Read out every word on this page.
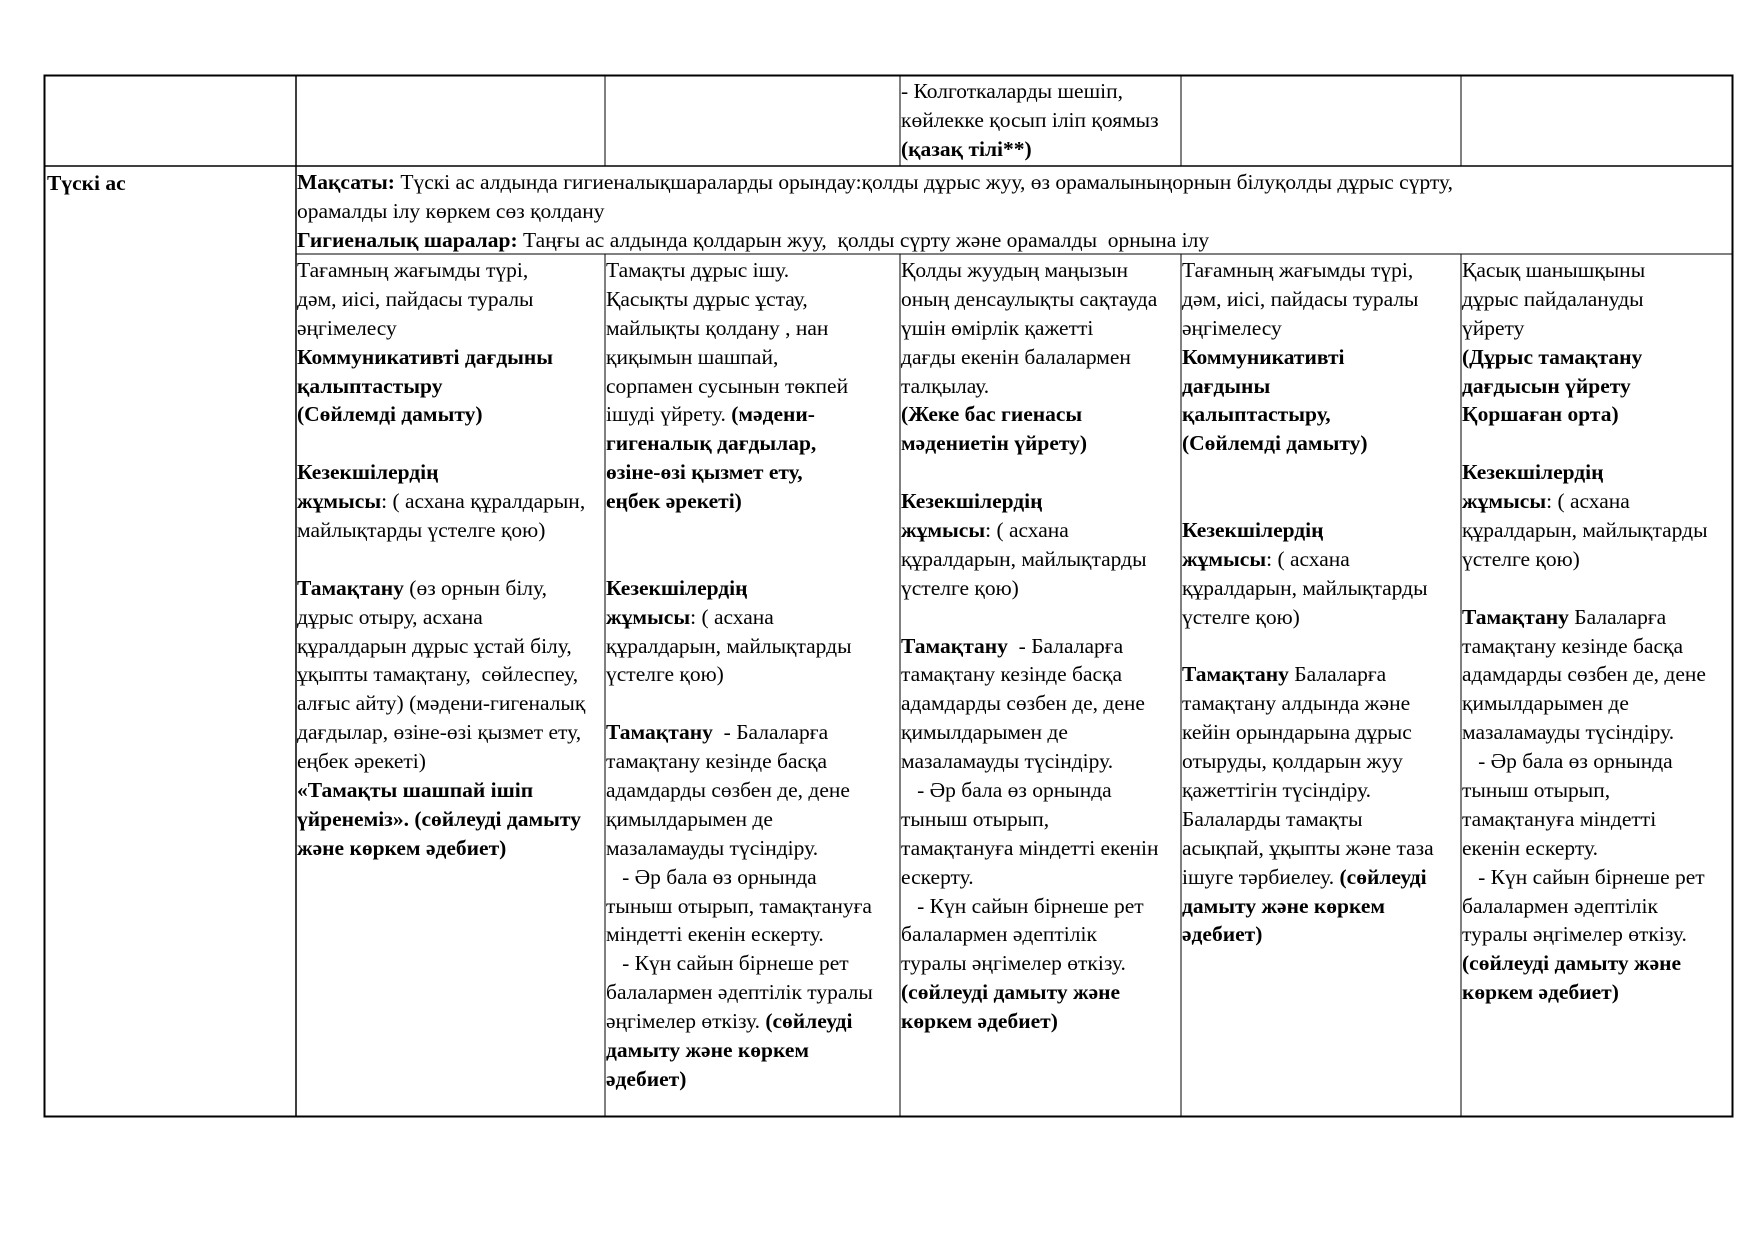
- Колготкаларды шешіп,
көйлекке қосып іліп қоямыз
(қазақ тілі**)
Түскі ас	Мақсаты: Түскі ас алдында гигиеналықшараларды орындау:қолды дұрыс жуу, өз орамалыныңорнын білуқолды дұрыс сүрту,
орамалды ілу көркем сөз қолдану
Гигиеналық шаралар: Таңғы ас алдында қолдарын жуу,  қолды сүрту және орамалды  орнына ілу
Тағамның жағымды түрі,
дәм, иісі, пайдасы туралы
әңгімелесу
Коммуникативті дағдыны
қалыптастыру
(Сөйлемді дамыту)

Кезекшілердің
жұмысы: ( асхана құралдарын,
майлықтарды үстелге қою)

Тамақтану (өз орнын білу,
дұрыс отыру, асхана
құралдарын дұрыс ұстай білу,
ұқыпты тамақтану,  сөйлеспеу,
алғыс айту) (мәдени-гигеналық
дағдылар, өзіне-өзі қызмет ету,
еңбек әрекеті)
«Тамақты шашпай ішіп
үйренеміз». (сөйлеуді дамыту
және көркем әдебиет)
Тамақты дұрыс ішу.
Қасықты дұрыс ұстау,
майлықты қолдану , нан
қиқымын шашпай,
сорпамен сусынын төкпей
ішуді үйрету. (мәдени-
гигеналық дағдылар,
өзіне-өзі қызмет ету,
еңбек әрекеті)

Кезекшілердің
жұмысы: ( асхана
құралдарын, майлықтарды
үстелге қою)

Тамақтану  - Балаларға
тамақтану кезінде басқа
адамдарды сөзбен де, дене
қимылдарымен де
мазаламауды түсіндіру.
- Әр бала өз орнында
тыныш отырып, тамақтануға
міндетті екенін ескерту.
- Күн сайын бірнеше рет
балалармен әдептілік туралы
әңгімелер өткізу. (сөйлеуді
дамыту және көркем
әдебиет)
Қолды жуудың маңызын
оның денсаулықты сақтауда
үшін өмірлік қажетті
дағды екенін балалармен
талқылау.
(Жеке бас гиенасы
мәдениетін үйрету)

Кезекшілердің
жұмысы: ( асхана
құралдарын, майлықтарды
үстелге қою)

Тамақтану  - Балаларға
тамақтану кезінде басқа
адамдарды сөзбен де, дене
қимылдарымен де
мазаламауды түсіндіру.
- Әр бала өз орнында
тыныш отырып,
тамақтануға міндетті екенін
ескерту.
- Күн сайын бірнеше рет
балалармен әдептілік
туралы әңгімелер өткізу.
(сөйлеуді дамыту және
көркем әдебиет)
Тағамның жағымды түрі,
дәм, иісі, пайдасы туралы
әңгімелесу
Коммуникативті
дағдыны
қалыптастыру,
(Сөйлемді дамыту)

Кезекшілердің
жұмысы: ( асхана
құралдарын, майлықтарды
үстелге қою)

Тамақтану Балаларға
тамақтану алдында және
кейін орындарына дұрыс
отыруды, қолдарын жуу
қажеттігін түсіндіру.
Балаларды тамақты
асықпай, ұқыпты және таза
ішуге тәрбиелеу. (сөйлеуді
дамыту және көркем
әдебиет)
Қасық шанышқыны
дұрыс пайдалануды
үйрету
(Дұрыс тамақтану
дағдысын үйрету
Қоршаған орта)

Кезекшілердің
жұмысы: ( асхана
құралдарын, майлықтарды
үстелге қою)

Тамақтану Балаларға
тамақтану кезінде басқа
адамдарды сөзбен де, дене
қимылдарымен де
мазаламауды түсіндіру.
- Әр бала өз орнында
тыныш отырып,
тамақтануға міндетті
екенін ескерту.
- Күн сайын бірнеше рет
балалармен әдептілік
туралы әңгімелер өткізу.
(сөйлеуді дамыту және
көркем әдебиет)
